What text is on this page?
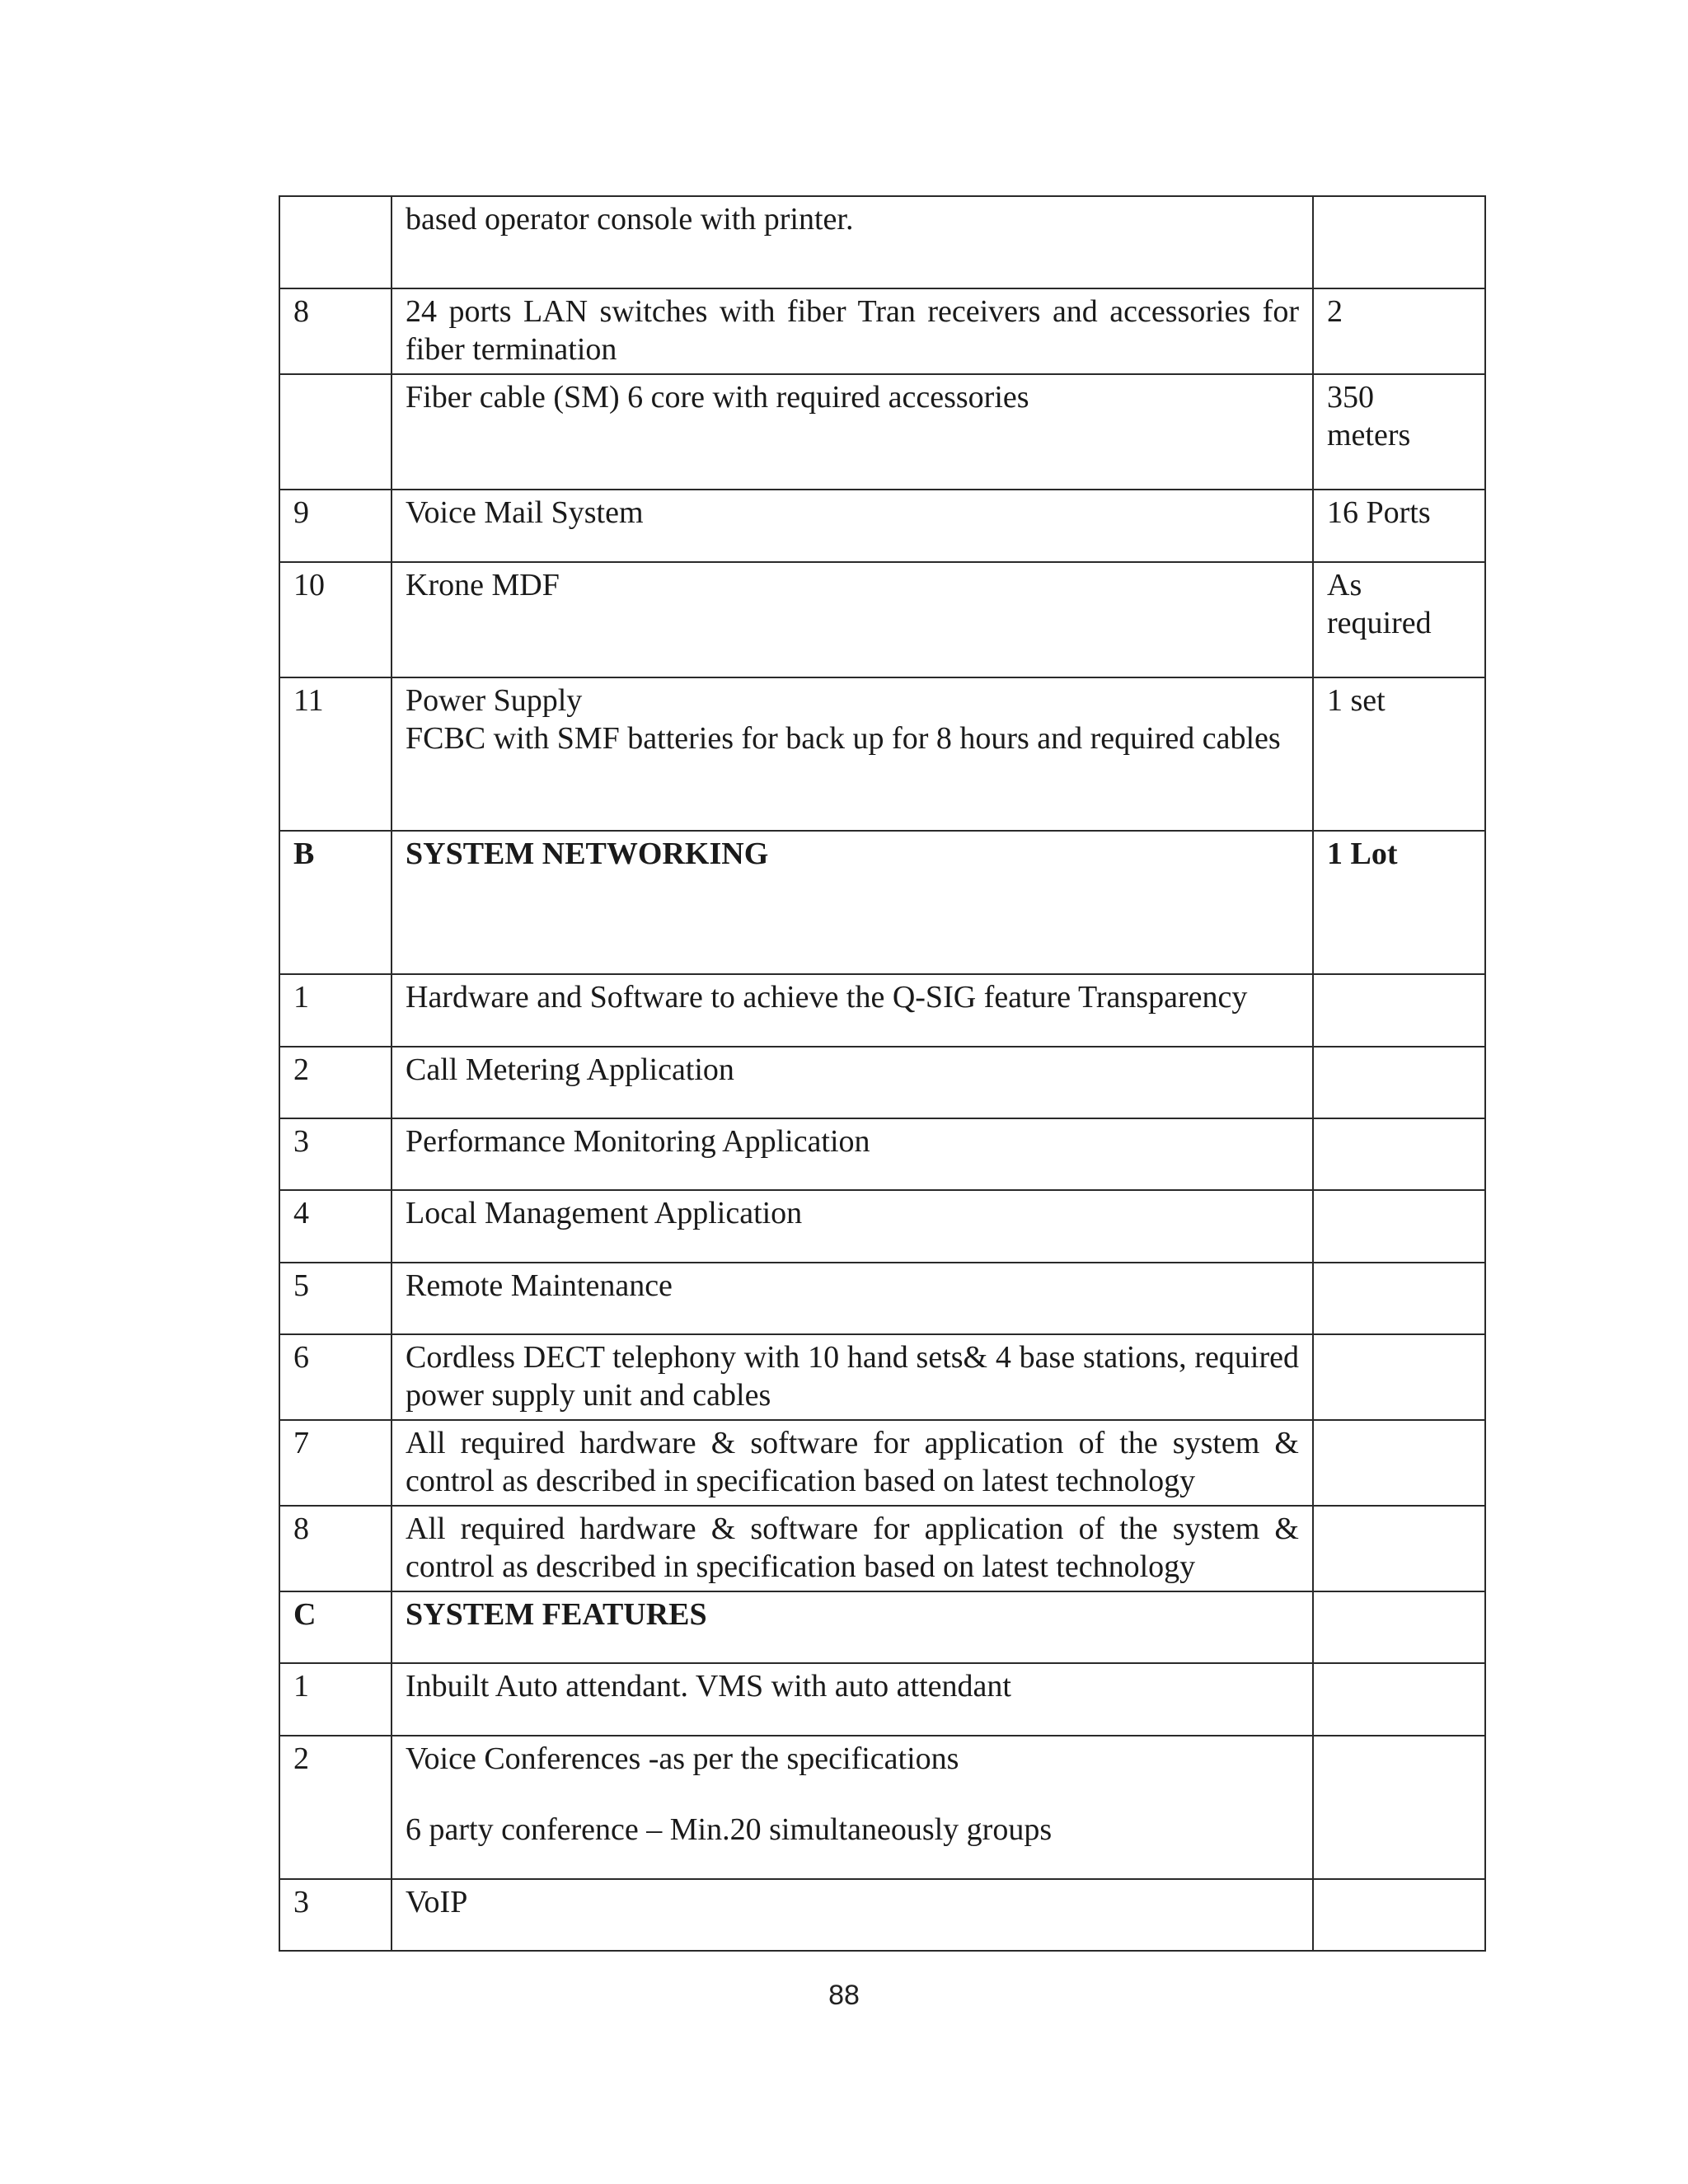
	based operator console with printer.	

8	24 ports LAN switches with fiber Tran receivers and accessories for fiber termination	2

	Fiber cable (SM) 6 core with required accessories	350
meters

9	Voice Mail System	16 Ports

10	Krone MDF	As
required

11	Power Supply
FCBC with SMF batteries for back up for 8 hours and required cables	1 set

B	SYSTEM NETWORKING	1 Lot

1	Hardware and Software to achieve the Q-SIG feature Transparency	

2	Call Metering Application	

3	Performance Monitoring Application	

4	Local Management Application	

5	Remote Maintenance	

6	Cordless DECT telephony with 10 hand sets& 4 base stations, required power supply unit and cables	

7	All required hardware & software for application of the system & control as described in specification based on latest technology	

8	All required hardware & software for application of the system & control as described in specification based on latest technology	

C	SYSTEM FEATURES	

1	Inbuilt Auto attendant. VMS with auto attendant	

2	Voice Conferences -as per the specifications
6 party conference – Min.20 simultaneously groups	

3	VoIP	

88
